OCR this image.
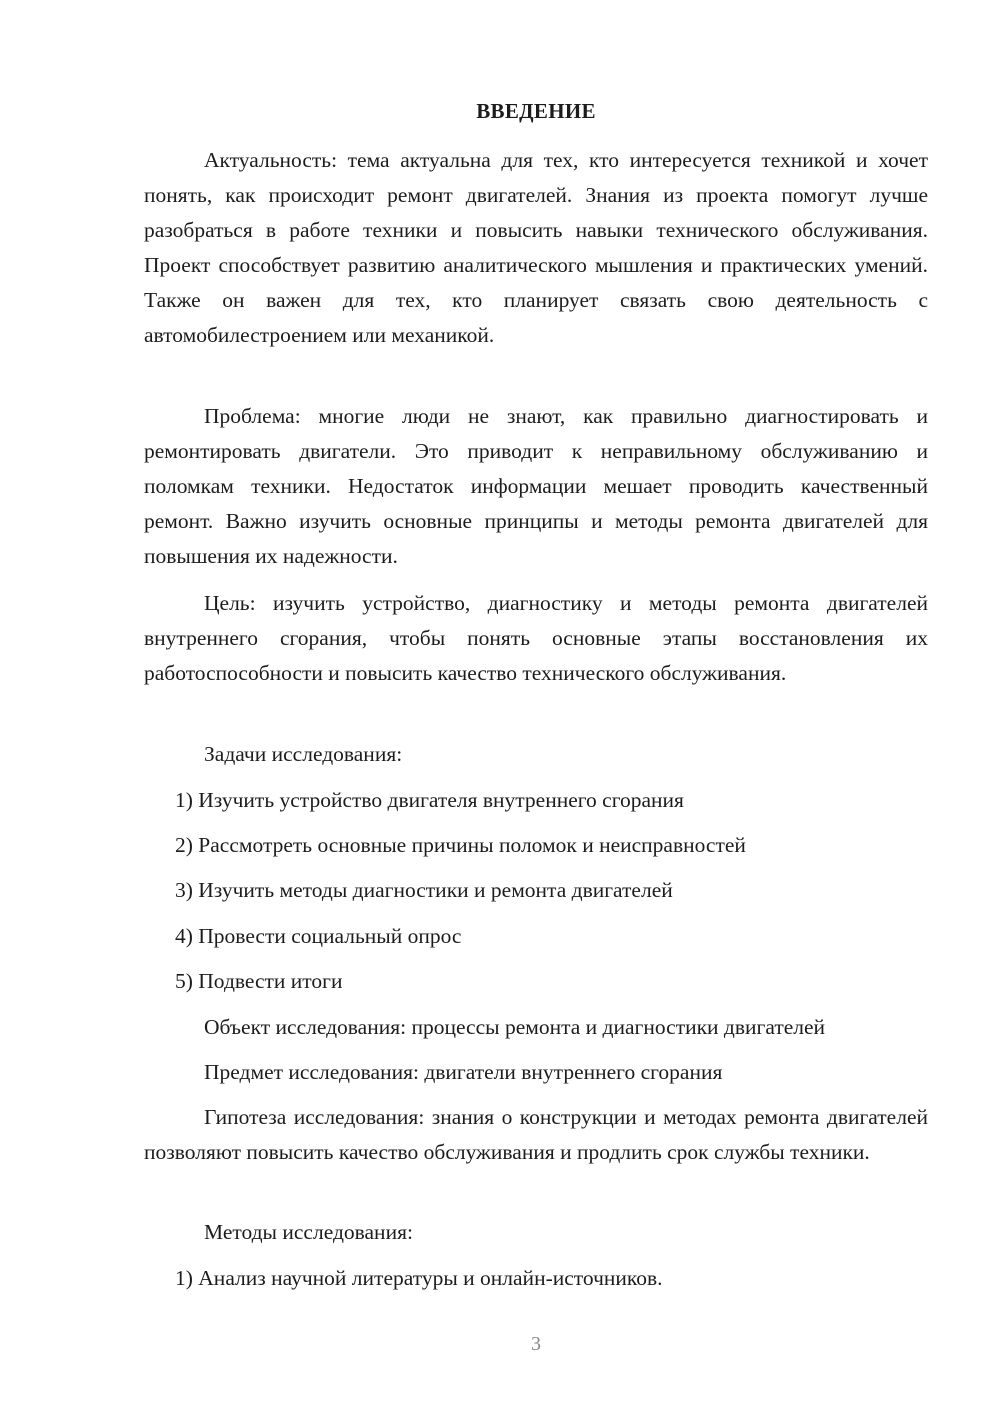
ВВЕДЕНИЕ

Актуальность: тема актуальна для тех, кто интересуется техникой и хочет понять, как происходит ремонт двигателей. Знания из проекта помогут лучше разобраться в работе техники и повысить навыки технического обслуживания. Проект способствует развитию аналитического мышления и практических умений. Также он важен для тех, кто планирует связать свою деятельность с автомобилестроением или механикой.

Проблема: многие люди не знают, как правильно диагностировать и ремонтировать двигатели. Это приводит к неправильному обслуживанию и поломкам техники. Недостаток информации мешает проводить качественный ремонт. Важно изучить основные принципы и методы ремонта двигателей для повышения их надежности.

Цель: изучить устройство, диагностику и методы ремонта двигателей внутреннего сгорания, чтобы понять основные этапы восстановления их работоспособности и повысить качество технического обслуживания.

Задачи исследования:
1) Изучить устройство двигателя внутреннего сгорания
2) Рассмотреть основные причины поломок и неисправностей
3) Изучить методы диагностики и ремонта двигателей
4) Провести социальный опрос
5) Подвести итоги
Объект исследования: процессы ремонта и диагностики двигателей
Предмет исследования: двигатели внутреннего сгорания

Гипотеза исследования: знания о конструкции и методах ремонта двигателей позволяют повысить качество обслуживания и продлить срок службы техники.

Методы исследования:
1) Анализ научной литературы и онлайн-источников.
3
